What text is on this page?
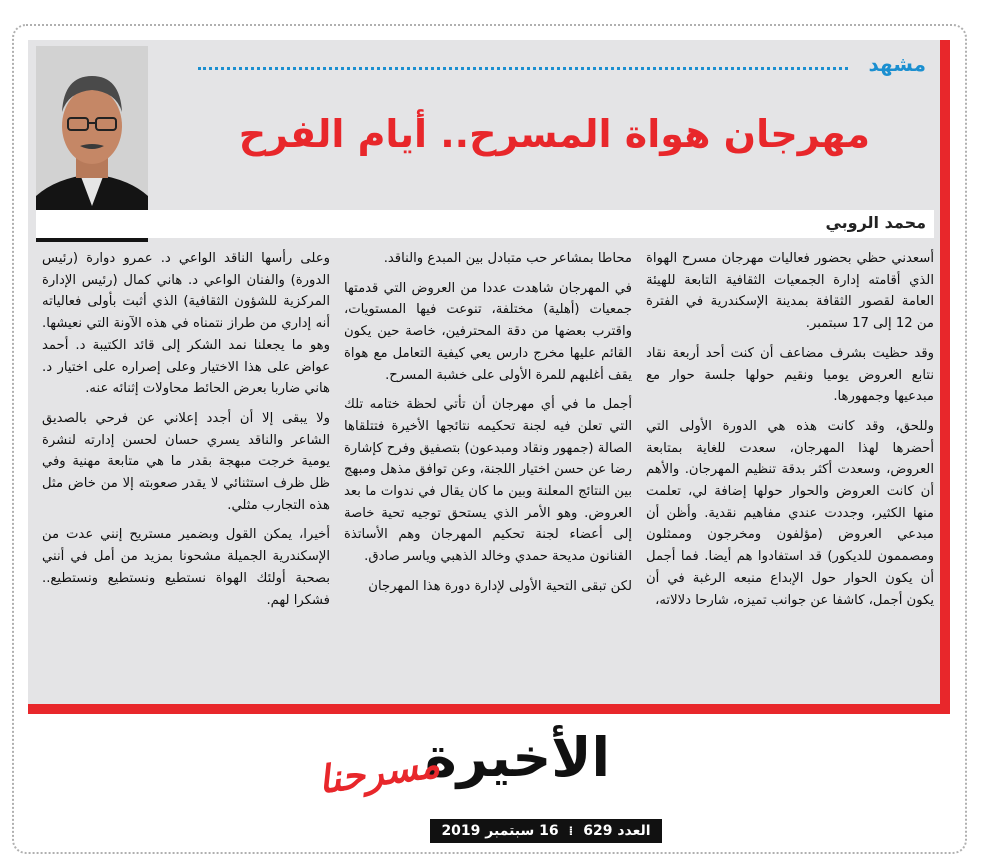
مشهد
مهرجان هواة المسرح.. أيام الفرح
محمد الروبي

أسعدني حظي بحضور فعاليات مهرجان مسرح الهواة الذي أقامته إدارة الجمعيات الثقافية التابعة للهيئة العامة لقصور الثقافة بمدينة الإسكندرية في الفترة من 12 إلى 17 سبتمبر.

وقد حظيت بشرف مضاعف أن كنت أحد أربعة نقاد نتابع العروض يوميا ونقيم حولها جلسة حوار مع مبدعيها وجمهورها.

وللحق، وقد كانت هذه هي الدورة الأولى التي أحضرها لهذا المهرجان، سعدت للغاية بمتابعة العروض، وسعدت أكثر بدقة تنظيم المهرجان. والأهم أن كانت العروض والحوار حولها إضافة لي، تعلمت منها الكثير، وجددت عندي مفاهيم نقدية. وأظن أن مبدعي العروض (مؤلفون ومخرجون وممثلون ومصممون للديكور) قد استفادوا هم أيضا. فما أجمل أن يكون الحوار حول الإبداع منبعه الرغبة في أن يكون أجمل، كاشفا عن جوانب تميزه، شارحا دلالاته،

محاطا بمشاعر حب متبادل بين المبدع والناقد.

في المهرجان شاهدت عددا من العروض التي قدمتها جمعيات (أهلية) مختلفة، تنوعت فيها المستويات، واقترب بعضها من دقة المحترفين، خاصة حين يكون القائم عليها مخرج دارس يعي كيفية التعامل مع هواة يقف أغلبهم للمرة الأولى على خشبة المسرح.

أجمل ما في أي مهرجان أن تأتي لحظة ختامه تلك التي تعلن فيه لجنة تحكيمه نتائجها الأخيرة فتتلقاها الصالة (جمهور ونقاد ومبدعون) بتصفيق وفرح كإشارة رضا عن حسن اختيار اللجنة، وعن توافق مذهل ومبهج بين النتائج المعلنة وبين ما كان يقال في ندوات ما بعد العروض. وهو الأمر الذي يستحق توجيه تحية خاصة إلى أعضاء لجنة تحكيم المهرجان وهم الأساتذة الفنانون مديحة حمدي وخالد الذهبي وياسر صادق.

لكن تبقى التحية الأولى لإدارة دورة هذا المهرجان

وعلى رأسها الناقد الواعي د. عمرو دوارة (رئيس الدورة) والفنان الواعي د. هاني كمال (رئيس الإدارة المركزية للشؤون الثقافية) الذي أثبت بأولى فعالياته أنه إداري من طراز نتمناه في هذه الآونة التي نعيشها. وهو ما يجعلنا نمد الشكر إلى قائد الكتيبة د. أحمد عواض على هذا الاختيار وعلى إصراره على اختيار د. هاني ضاربا بعرض الحائط محاولات إثنائه عنه.

ولا يبقى إلا أن أجدد إعلاني عن فرحي بالصديق الشاعر والناقد يسري حسان لحسن إدارته لنشرة يومية خرجت مبهجة بقدر ما هي متابعة مهنية وفي ظل ظرف استثنائي لا يقدر صعوبته إلا من خاض مثل هذه التجارب مثلي.

أخيرا، يمكن القول وبضمير مستريح إنني عدت من الإسكندرية الجميلة مشحونا بمزيد من أمل في أنني بصحبة أولئك الهواة نستطيع ونستطيع ونستطيع.. فشكرا لهم.

الأخيرة
مسرحنا
العدد 629
⁞
16 سبتمبر 2019
